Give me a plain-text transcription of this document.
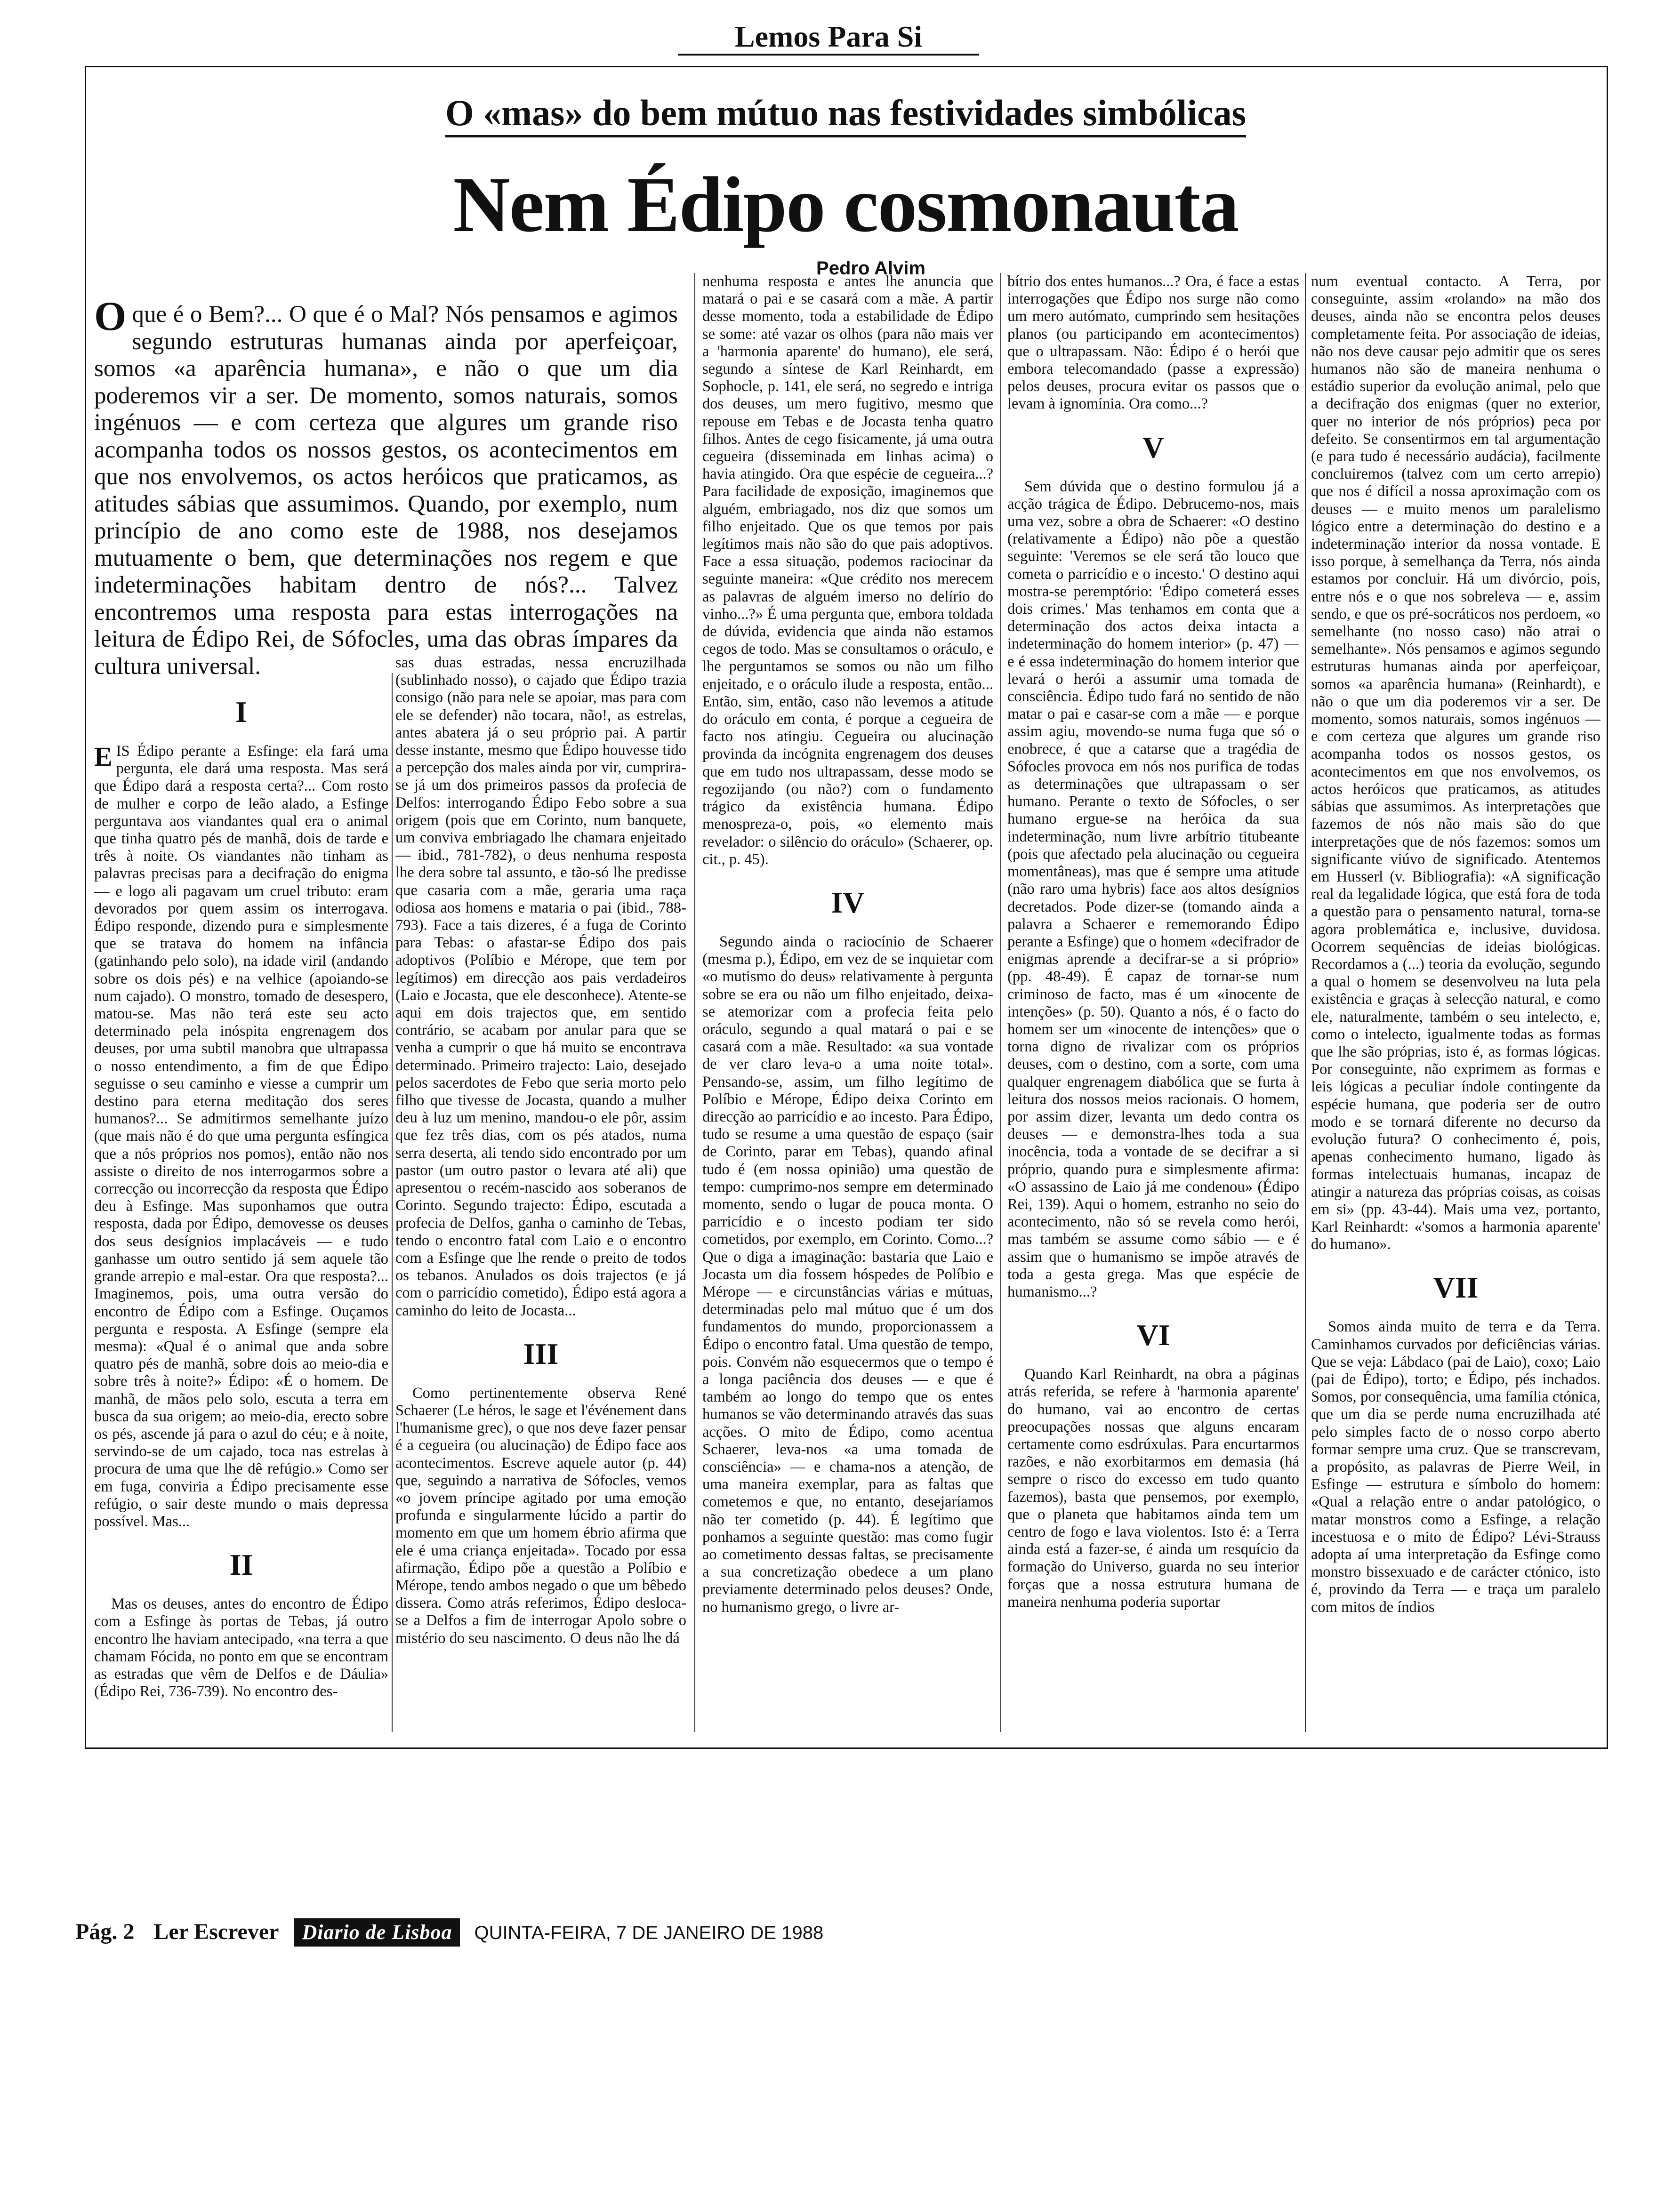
Lemos Para Si
O «mas» do bem mútuo nas festividades simbólicas
Nem Édipo cosmonauta
Pedro Alvim
O que é o Bem?... O que é o Mal? Nós pensamos e agimos segundo estruturas humanas ainda por aperfeiçoar, somos «a aparência humana», e não o que um dia poderemos vir a ser. De momento, somos naturais, somos ingénuos — e com certeza que algures um grande riso acompanha todos os nossos gestos, os acontecimentos em que nos envolvemos, os actos heróicos que praticamos, as atitudes sábias que assumimos. Quando, por exemplo, num princípio de ano como este de 1988, nos desejamos mutuamente o bem, que determinações nos regem e que indeterminações habitam dentro de nós?... Talvez encontremos uma resposta para estas interrogações na leitura de Édipo Rei, de Sófocles, uma das obras ímpares da cultura universal.
I

EIS Édipo perante a Esfinge: ela fará uma pergunta, ele dará uma resposta. Mas será que Édipo dará a resposta certa?... Com rosto de mulher e corpo de leão alado, a Esfinge perguntava aos viandantes qual era o animal que tinha quatro pés de manhã, dois de tarde e três à noite. Os viandantes não tinham as palavras precisas para a decifração do enigma — e logo ali pagavam um cruel tributo: eram devorados por quem assim os interrogava. Édipo responde, dizendo pura e simplesmente que se tratava do homem na infância (gatinhando pelo solo), na idade viril (andando sobre os dois pés) e na velhice (apoiando-se num cajado). O monstro, tomado de desespero, matou-se. Mas não terá este seu acto determinado pela inóspita engrenagem dos deuses, por uma subtil manobra que ultrapassa o nosso entendimento, a fim de que Édipo seguisse o seu caminho e viesse a cumprir um destino para eterna meditação dos seres humanos?... Se admitirmos semelhante juízo (que mais não é do que uma pergunta esfíngica que a nós próprios nos pomos), então não nos assiste o direito de nos interrogarmos sobre a correcção ou incorrecção da resposta que Édipo deu à Esfinge. Mas suponhamos que outra resposta, dada por Édipo, demovesse os deuses dos seus desígnios implacáveis — e tudo ganhasse um outro sentido já sem aquele tão grande arrepio e mal-estar. Ora que resposta?... Imaginemos, pois, uma outra versão do encontro de Édipo com a Esfinge. Ouçamos pergunta e resposta. A Esfinge (sempre ela mesma): «Qual é o animal que anda sobre quatro pés de manhã, sobre dois ao meio-dia e sobre três à noite?» Édipo: «É o homem. De manhã, de mãos pelo solo, escuta a terra em busca da sua origem; ao meio-dia, erecto sobre os pés, ascende já para o azul do céu; e à noite, servindo-se de um cajado, toca nas estrelas à procura de uma que lhe dê refúgio.» Como ser em fuga, conviria a Édipo precisamente esse refúgio, o sair deste mundo o mais depressa possível. Mas...

II

Mas os deuses, antes do encontro de Édipo com a Esfinge às portas de Tebas, já outro encontro lhe haviam antecipado, «na terra a que chamam Fócida, no ponto em que se encontram as estradas que vêm de Delfos e de Dáulia» (Édipo Rei, 736-739). No encontro des-

sas duas estradas, nessa encruzilhada (sublinhado nosso), o cajado que Édipo trazia consigo (não para nele se apoiar, mas para com ele se defender) não tocara, não!, as estrelas, antes abatera já o seu próprio pai. A partir desse instante, mesmo que Édipo houvesse tido a percepção dos males ainda por vir, cumprira-se já um dos primeiros passos da profecia de Delfos: interrogando Édipo Febo sobre a sua origem (pois que em Corinto, num banquete, um conviva embriagado lhe chamara enjeitado — ibid., 781-782), o deus nenhuma resposta lhe dera sobre tal assunto, e tão-só lhe predisse que casaria com a mãe, geraria uma raça odiosa aos homens e mataria o pai (ibid., 788-793). Face a tais dizeres, é a fuga de Corinto para Tebas: o afastar-se Édipo dos pais adoptivos (Políbio e Mérope, que tem por legítimos) em direcção aos pais verdadeiros (Laio e Jocasta, que ele desconhece). Atente-se aqui em dois trajectos que, em sentido contrário, se acabam por anular para que se venha a cumprir o que há muito se encontrava determinado. Primeiro trajecto: Laio, desejado pelos sacerdotes de Febo que seria morto pelo filho que tivesse de Jocasta, quando a mulher deu à luz um menino, mandou-o ele pôr, assim que fez três dias, com os pés atados, numa serra deserta, ali tendo sido encontrado por um pastor (um outro pastor o levara até ali) que apresentou o recém-nascido aos soberanos de Corinto. Segundo trajecto: Édipo, escutada a profecia de Delfos, ganha o caminho de Tebas, tendo o encontro fatal com Laio e o encontro com a Esfinge que lhe rende o preito de todos os tebanos. Anulados os dois trajectos (e já com o parricídio cometido), Édipo está agora a caminho do leito de Jocasta...

III

Como pertinentemente observa René Schaerer (Le héros, le sage et l'événement dans l'humanisme grec), o que nos deve fazer pensar é a cegueira (ou alucinação) de Édipo face aos acontecimentos. Escreve aquele autor (p. 44) que, seguindo a narrativa de Sófocles, vemos «o jovem príncipe agitado por uma emoção profunda e singularmente lúcido a partir do momento em que um homem ébrio afirma que ele é uma criança enjeitada». Tocado por essa afirmação, Édipo põe a questão a Políbio e Mérope, tendo ambos negado o que um bêbedo dissera. Como atrás referimos, Édipo desloca-se a Delfos a fim de interrogar Apolo sobre o mistério do seu nascimento. O deus não lhe dá

nenhuma resposta e antes lhe anuncia que matará o pai e se casará com a mãe. A partir desse momento, toda a estabilidade de Édipo se some: até vazar os olhos (para não mais ver a 'harmonia aparente' do humano), ele será, segundo a síntese de Karl Reinhardt, em Sophocle, p. 141, ele será, no segredo e intriga dos deuses, um mero fugitivo, mesmo que repouse em Tebas e de Jocasta tenha quatro filhos. Antes de cego fisicamente, já uma outra cegueira (disseminada em linhas acima) o havia atingido. Ora que espécie de cegueira...? Para facilidade de exposição, imaginemos que alguém, embriagado, nos diz que somos um filho enjeitado. Que os que temos por pais legítimos mais não são do que pais adoptivos. Face a essa situação, podemos raciocinar da seguinte maneira: «Que crédito nos merecem as palavras de alguém imerso no delírio do vinho...?» É uma pergunta que, embora toldada de dúvida, evidencia que ainda não estamos cegos de todo. Mas se consultamos o oráculo, e lhe perguntamos se somos ou não um filho enjeitado, e o oráculo ilude a resposta, então... Então, sim, então, caso não levemos a atitude do oráculo em conta, é porque a cegueira de facto nos atingiu. Cegueira ou alucinação provinda da incógnita engrenagem dos deuses que em tudo nos ultrapassam, desse modo se regozijando (ou não?) com o fundamento trágico da existência humana. Édipo menospreza-o, pois, «o elemento mais revelador: o silêncio do oráculo» (Schaerer, op. cit., p. 45).

IV

Segundo ainda o raciocínio de Schaerer (mesma p.), Édipo, em vez de se inquietar com «o mutismo do deus» relativamente à pergunta sobre se era ou não um filho enjeitado, deixa-se atemorizar com a profecia feita pelo oráculo, segundo a qual matará o pai e se casará com a mãe. Resultado: «a sua vontade de ver claro leva-o a uma noite total». Pensando-se, assim, um filho legítimo de Políbio e Mérope, Édipo deixa Corinto em direcção ao parricídio e ao incesto. Para Édipo, tudo se resume a uma questão de espaço (sair de Corinto, parar em Tebas), quando afinal tudo é (em nossa opinião) uma questão de tempo: cumprimo-nos sempre em determinado momento, sendo o lugar de pouca monta. O parricídio e o incesto podiam ter sido cometidos, por exemplo, em Corinto. Como...? Que o diga a imaginação: bastaria que Laio e Jocasta um dia fossem hóspedes de Políbio e Mérope — e circunstâncias várias e mútuas, determinadas pelo mal mútuo que é um dos fundamentos do mundo, proporcionassem a Édipo o encontro fatal. Uma questão de tempo, pois. Convém não esquecermos que o tempo é a longa paciência dos deuses — e que é também ao longo do tempo que os entes humanos se vão determinando através das suas acções. O mito de Édipo, como acentua Schaerer, leva-nos «a uma tomada de consciência» — e chama-nos a atenção, de uma maneira exemplar, para as faltas que cometemos e que, no entanto, desejaríamos não ter cometido (p. 44). É legítimo que ponhamos a seguinte questão: mas como fugir ao cometimento dessas faltas, se precisamente a sua concretização obedece a um plano previamente determinado pelos deuses? Onde, no humanismo grego, o livre ar-

bítrio dos entes humanos...? Ora, é face a estas interrogações que Édipo nos surge não como um mero autómato, cumprindo sem hesitações planos (ou participando em acontecimentos) que o ultrapassam. Não: Édipo é o herói que embora telecomandado (passe a expressão) pelos deuses, procura evitar os passos que o levam à ignomínia. Ora como...?

V

Sem dúvida que o destino formulou já a acção trágica de Édipo. Debrucemo-nos, mais uma vez, sobre a obra de Schaerer: «O destino (relativamente a Édipo) não põe a questão seguinte: 'Veremos se ele será tão louco que cometa o parricídio e o incesto.' O destino aqui mostra-se peremptório: 'Édipo cometerá esses dois crimes.' Mas tenhamos em conta que a determinação dos actos deixa intacta a indeterminação do homem interior» (p. 47) — e é essa indeterminação do homem interior que levará o herói a assumir uma tomada de consciência. Édipo tudo fará no sentido de não matar o pai e casar-se com a mãe — e porque assim agiu, movendo-se numa fuga que só o enobrece, é que a catarse que a tragédia de Sófocles provoca em nós nos purifica de todas as determinações que ultrapassam o ser humano. Perante o texto de Sófocles, o ser humano ergue-se na heróica da sua indeterminação, num livre arbítrio titubeante (pois que afectado pela alucinação ou cegueira momentâneas), mas que é sempre uma atitude (não raro uma hybris) face aos altos desígnios decretados. Pode dizer-se (tomando ainda a palavra a Schaerer e rememorando Édipo perante a Esfinge) que o homem «decifrador de enigmas aprende a decifrar-se a si próprio» (pp. 48-49). É capaz de tornar-se num criminoso de facto, mas é um «inocente de intenções» (p. 50). Quanto a nós, é o facto do homem ser um «inocente de intenções» que o torna digno de rivalizar com os próprios deuses, com o destino, com a sorte, com uma qualquer engrenagem diabólica que se furta à leitura dos nossos meios racionais. O homem, por assim dizer, levanta um dedo contra os deuses — e demonstra-lhes toda a sua inocência, toda a vontade de se decifrar a si próprio, quando pura e simplesmente afirma: «O assassino de Laio já me condenou» (Édipo Rei, 139). Aqui o homem, estranho no seio do acontecimento, não só se revela como herói, mas também se assume como sábio — e é assim que o humanismo se impõe através de toda a gesta grega. Mas que espécie de humanismo...?

VI

Quando Karl Reinhardt, na obra a páginas atrás referida, se refere à 'harmonia aparente' do humano, vai ao encontro de certas preocupações nossas que alguns encaram certamente como esdrúxulas. Para encurtarmos razões, e não exorbitarmos em demasia (há sempre o risco do excesso em tudo quanto fazemos), basta que pensemos, por exemplo, que o planeta que habitamos ainda tem um centro de fogo e lava violentos. Isto é: a Terra ainda está a fazer-se, é ainda um resquício da formação do Universo, guarda no seu interior forças que a nossa estrutura humana de maneira nenhuma poderia suportar

num eventual contacto. A Terra, por conseguinte, assim «rolando» na mão dos deuses, ainda não se encontra pelos deuses completamente feita. Por associação de ideias, não nos deve causar pejo admitir que os seres humanos não são de maneira nenhuma o estádio superior da evolução animal, pelo que a decifração dos enigmas (quer no exterior, quer no interior de nós próprios) peca por defeito. Se consentirmos em tal argumentação (e para tudo é necessário audácia), facilmente concluiremos (talvez com um certo arrepio) que nos é difícil a nossa aproximação com os deuses — e muito menos um paralelismo lógico entre a determinação do destino e a indeterminação interior da nossa vontade. E isso porque, à semelhança da Terra, nós ainda estamos por concluir. Há um divórcio, pois, entre nós e o que nos sobreleva — e, assim sendo, e que os pré-socráticos nos perdoem, «o semelhante (no nosso caso) não atrai o semelhante». Nós pensamos e agimos segundo estruturas humanas ainda por aperfeiçoar, somos «a aparência humana» (Reinhardt), e não o que um dia poderemos vir a ser. De momento, somos naturais, somos ingénuos — e com certeza que algures um grande riso acompanha todos os nossos gestos, os acontecimentos em que nos envolvemos, os actos heróicos que praticamos, as atitudes sábias que assumimos. As interpretações que fazemos de nós não mais são do que interpretações que de nós fazemos: somos um significante viúvo de significado. Atentemos em Husserl (v. Bibliografia): «A significação real da legalidade lógica, que está fora de toda a questão para o pensamento natural, torna-se agora problemática e, inclusive, duvidosa. Ocorrem sequências de ideias biológicas. Recordamos a (...) teoria da evolução, segundo a qual o homem se desenvolveu na luta pela existência e graças à selecção natural, e como ele, naturalmente, também o seu intelecto, e, como o intelecto, igualmente todas as formas que lhe são próprias, isto é, as formas lógicas. Por conseguinte, não exprimem as formas e leis lógicas a peculiar índole contingente da espécie humana, que poderia ser de outro modo e se tornará diferente no decurso da evolução futura? O conhecimento é, pois, apenas conhecimento humano, ligado às formas intelectuais humanas, incapaz de atingir a natureza das próprias coisas, as coisas em si» (pp. 43-44). Mais uma vez, portanto, Karl Reinhardt: «'somos a harmonia aparente' do humano».

VII

Somos ainda muito de terra e da Terra. Caminhamos curvados por deficiências várias. Que se veja: Lábdaco (pai de Laio), coxo; Laio (pai de Édipo), torto; e Édipo, pés inchados. Somos, por consequência, uma família ctónica, que um dia se perde numa encruzilhada até pelo simples facto de o nosso corpo aberto formar sempre uma cruz. Que se transcrevam, a propósito, as palavras de Pierre Weil, in Esfinge — estrutura e símbolo do homem: «Qual a relação entre o andar patológico, o matar monstros como a Esfinge, a relação incestuosa e o mito de Édipo? Lévi-Strauss adopta aí uma interpretação da Esfinge como monstro bissexuado e de carácter ctónico, isto é, provindo da Terra — e traça um paralelo com mitos de índios

Pág. 2 Ler Escrever Diario de Lisboa QUINTA-FEIRA, 7 DE JANEIRO DE 1988
